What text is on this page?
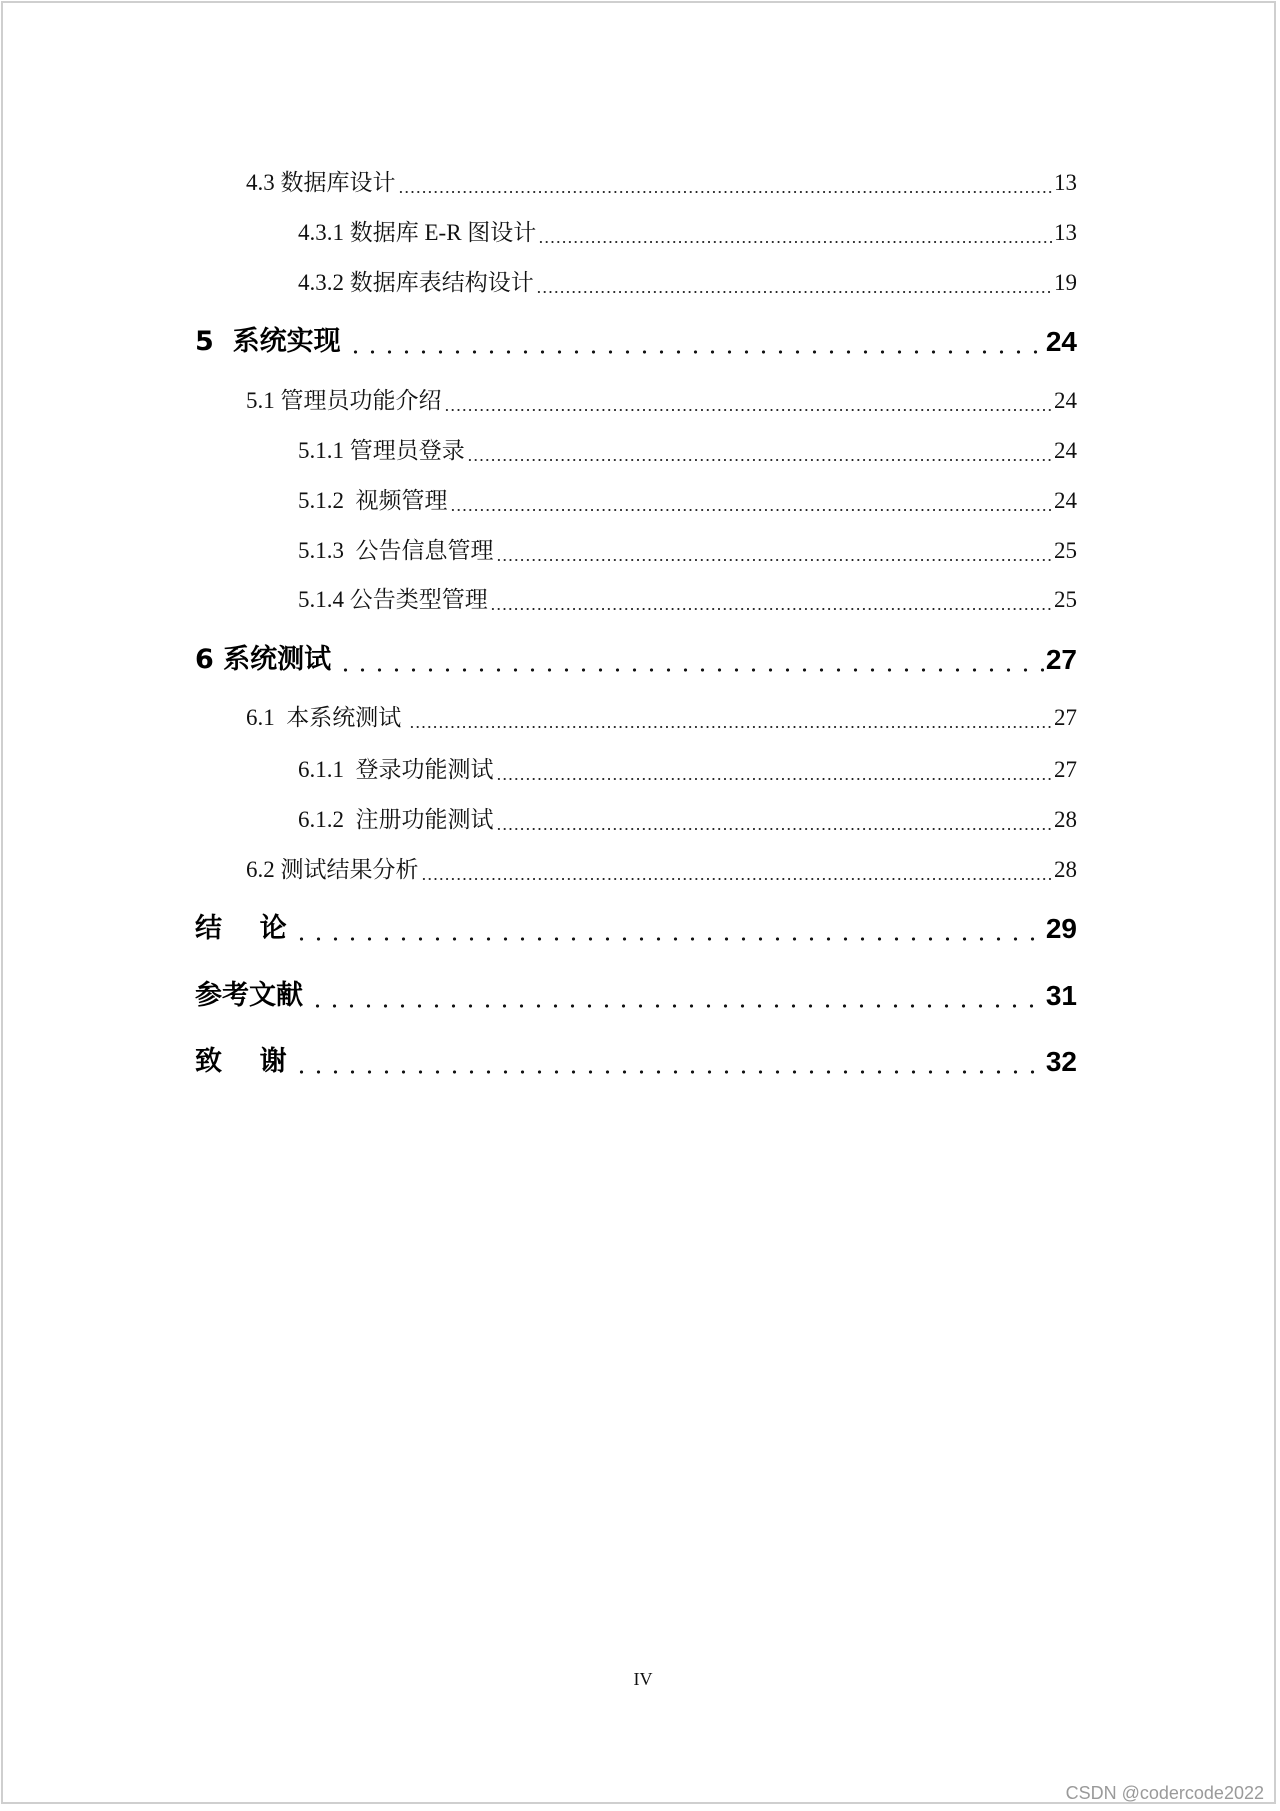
4.3 数据库设计	13
4.3.1 数据库 E-R 图设计	13
4.3.2 数据库表结构设计	19
5  系统实现	24
5.1 管理员功能介绍	24
5.1.1 管理员登录	24
5.1.2  视频管理	24
5.1.3  公告信息管理	25
5.1.4 公告类型管理	25
6 系统测试	27
6.1  本系统测试	27
6.1.1  登录功能测试	27
6.1.2  注册功能测试	28
6.2 测试结果分析	28
结    论	29
参考文献	31
致    谢	32
IV
CSDN @codercode2022
